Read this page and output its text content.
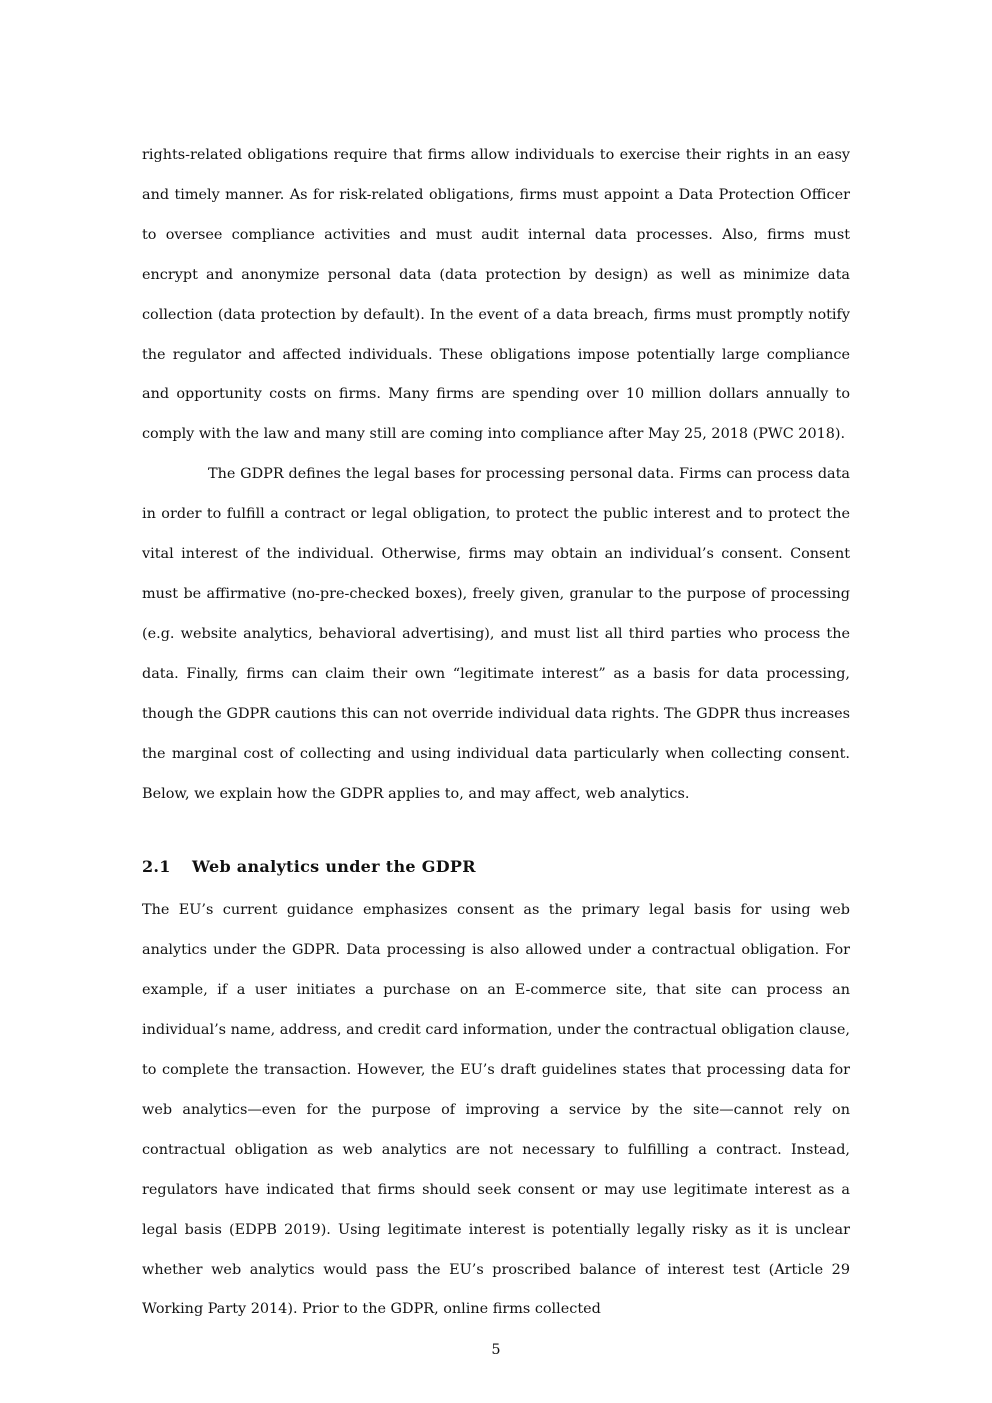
rights-related obligations require that firms allow individuals to exercise their rights in an easy and timely manner. As for risk-related obligations, firms must appoint a Data Protection Officer to oversee compliance activities and must audit internal data processes. Also, firms must encrypt and anonymize personal data (data protection by design) as well as minimize data collection (data protection by default). In the event of a data breach, firms must promptly notify the regulator and affected individuals. These obligations impose potentially large compliance and opportunity costs on firms. Many firms are spending over 10 million dollars annually to comply with the law and many still are coming into compliance after May 25, 2018 (PWC 2018).

The GDPR defines the legal bases for processing personal data. Firms can process data in order to fulfill a contract or legal obligation, to protect the public interest and to protect the vital interest of the individual. Otherwise, firms may obtain an individual’s consent. Consent must be affirmative (no-pre-checked boxes), freely given, granular to the purpose of processing (e.g. website analytics, behavioral advertising), and must list all third parties who process the data. Finally, firms can claim their own “legitimate interest” as a basis for data processing, though the GDPR cautions this can not override individual data rights. The GDPR thus increases the marginal cost of collecting and using individual data particularly when collecting consent. Below, we explain how the GDPR applies to, and may affect, web analytics.

2.1 Web analytics under the GDPR

The EU’s current guidance emphasizes consent as the primary legal basis for using web analytics under the GDPR. Data processing is also allowed under a contractual obligation. For example, if a user initiates a purchase on an E-commerce site, that site can process an individual’s name, address, and credit card information, under the contractual obligation clause, to complete the transaction. However, the EU’s draft guidelines states that processing data for web analytics—even for the purpose of improving a service by the site—cannot rely on contractual obligation as web analytics are not necessary to fulfilling a contract. Instead, regulators have indicated that firms should seek consent or may use legitimate interest as a legal basis (EDPB 2019). Using legitimate interest is potentially legally risky as it is unclear whether web analytics would pass the EU’s proscribed balance of interest test (Article 29 Working Party 2014). Prior to the GDPR, online firms collected

5
